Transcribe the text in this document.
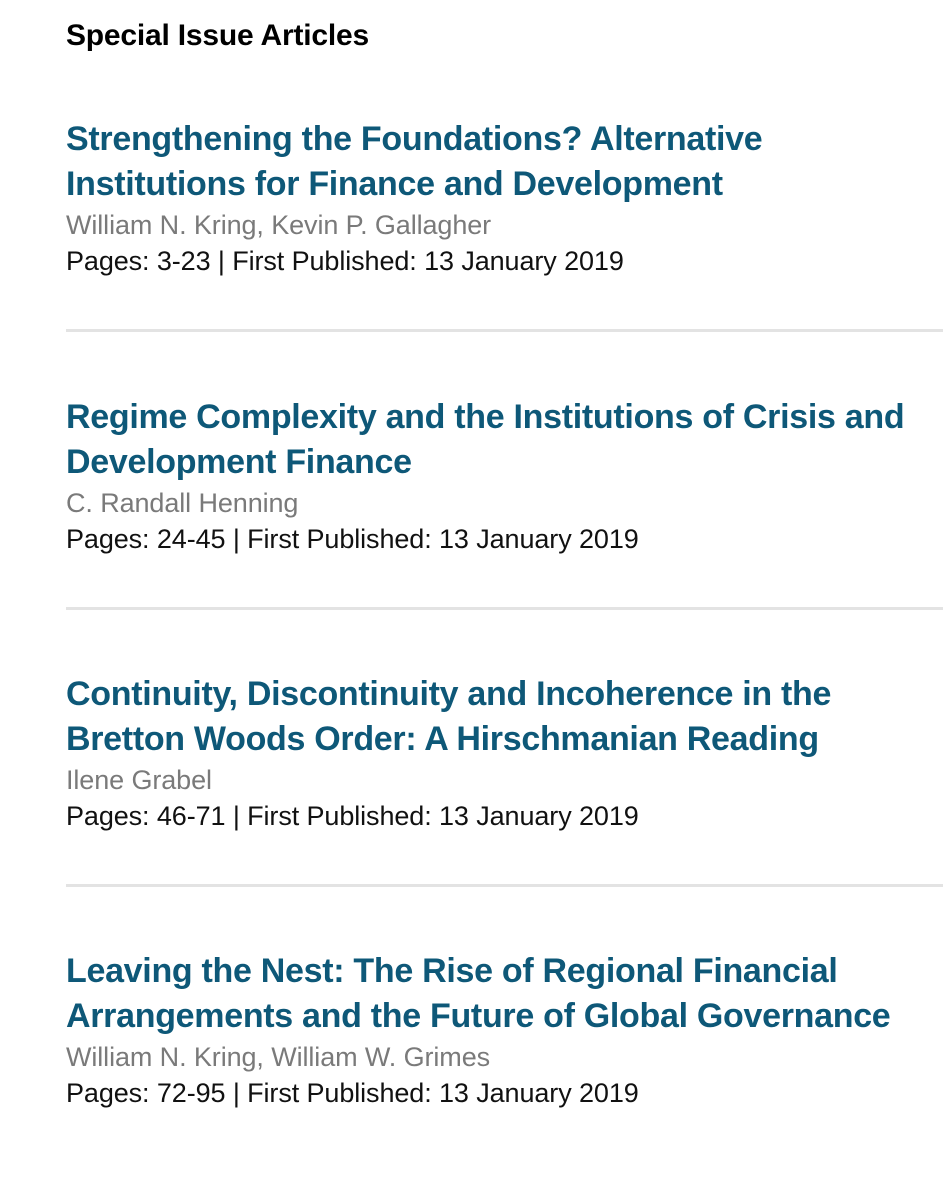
Special Issue Articles
Strengthening the Foundations? Alternative Institutions for Finance and Development

William N. Kring, Kevin P. Gallagher

Pages: 3-23 | First Published: 13 January 2019

Regime Complexity and the Institutions of Crisis and Development Finance

C. Randall Henning

Pages: 24-45 | First Published: 13 January 2019

Continuity, Discontinuity and Incoherence in the Bretton Woods Order: A Hirschmanian Reading

Ilene Grabel

Pages: 46-71 | First Published: 13 January 2019

Leaving the Nest: The Rise of Regional Financial Arrangements and the Future of Global Governance

William N. Kring, William W. Grimes

Pages: 72-95 | First Published: 13 January 2019
